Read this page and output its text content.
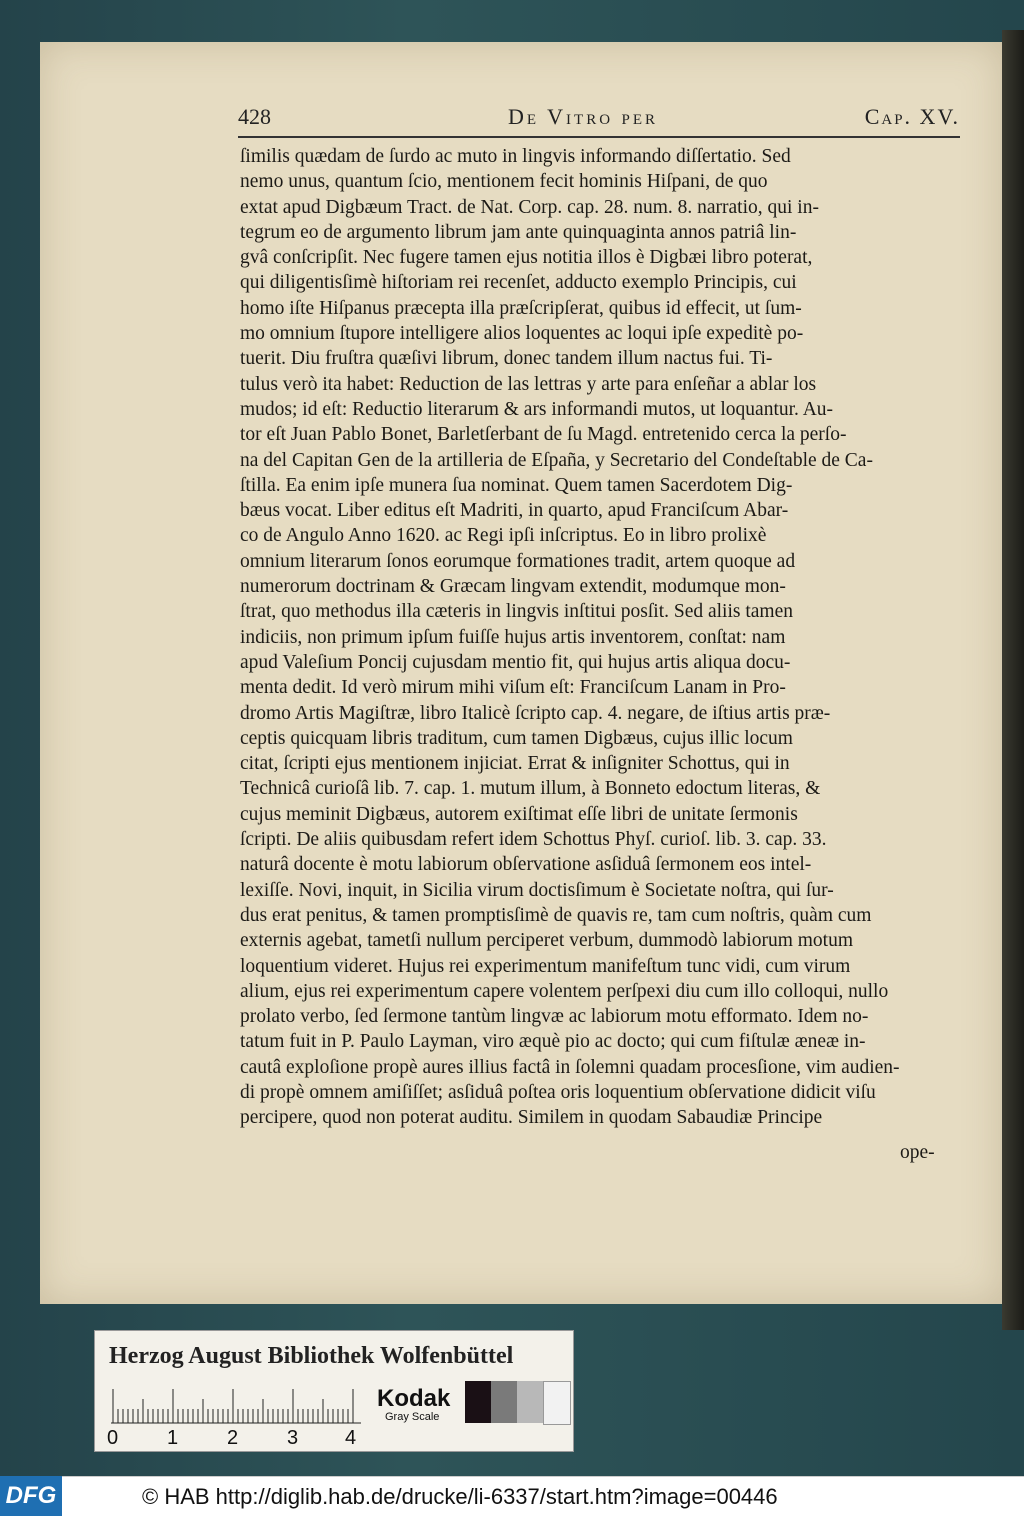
428	De Vitro per	Cap. XV.
ſimilis quædam de ſurdo ac muto in lingvis informando diſſertatio. Sed
nemo unus, quantum ſcio, mentionem fecit hominis Hiſpani, de quo
extat apud Digbæum Tract. de Nat. Corp. cap. 28. num. 8. narratio, qui in-
tegrum eo de argumento librum jam ante quinquaginta annos patriâ lin-
gvâ conſcripſit. Nec fugere tamen ejus notitia illos è Digbæi libro poterat,
qui diligentisſimè hiſtoriam rei recenſet, adducto exemplo Principis, cui
homo iſte Hiſpanus præcepta illa præſcripſerat, quibus id effecit, ut ſum-
mo omnium ſtupore intelligere alios loquentes ac loqui ipſe expeditè po-
tuerit. Diu fruſtra quæſivi librum, donec tandem illum nactus fui. Ti-
tulus verò ita habet: Reduction de las lettras y arte para enſeñar a ablar los
mudos; id eſt: Reductio literarum & ars informandi mutos, ut loquantur. Au-
tor eſt Juan Pablo Bonet, Barletſerbant de ſu Magd. entretenido cerca la perſo-
na del Capitan Gen de la artilleria de Eſpaña, y Secretario del Condeſtable de Ca-
ſtilla. Ea enim ipſe munera ſua nominat. Quem tamen Sacerdotem Dig-
bæus vocat. Liber editus eſt Madriti, in quarto, apud Franciſcum Abar-
co de Angulo Anno 1620. ac Regi ipſi inſcriptus. Eo in libro prolixè
omnium literarum ſonos eorumque formationes tradit, artem quoque ad
numerorum doctrinam & Græcam lingvam extendit, modumque mon-
ſtrat, quo methodus illa cæteris in lingvis inſtitui posſit. Sed aliis tamen
indiciis, non primum ipſum fuiſſe hujus artis inventorem, conſtat: nam
apud Valeſium Poncij cujusdam mentio fit, qui hujus artis aliqua docu-
menta dedit. Id verò mirum mihi viſum eſt: Franciſcum Lanam in Pro-
dromo Artis Magiſtræ, libro Italicè ſcripto cap. 4. negare, de iſtius artis præ-
ceptis quicquam libris traditum, cum tamen Digbæus, cujus illic locum
citat, ſcripti ejus mentionem injiciat. Errat & inſigniter Schottus, qui in
Technicâ curioſâ lib. 7. cap. 1. mutum illum, à Bonneto edoctum literas, &
cujus meminit Digbæus, autorem exiſtimat eſſe libri de unitate ſermonis
ſcripti. De aliis quibusdam refert idem Schottus Phyſ. curioſ. lib. 3. cap. 33.
naturâ docente è motu labiorum obſervatione asſiduâ ſermonem eos intel-
lexiſſe. Novi, inquit, in Sicilia virum doctisſimum è Societate noſtra, qui ſur-
dus erat penitus, & tamen promptisſimè de quavis re, tam cum noſtris, quàm cum
externis agebat, tametſi nullum perciperet verbum, dummodò labiorum motum
loquentium videret. Hujus rei experimentum manifeſtum tunc vidi, cum virum
alium, ejus rei experimentum capere volentem perſpexi diu cum illo colloqui, nullo
prolato verbo, ſed ſermone tantùm lingvæ ac labiorum motu efformato. Idem no-
tatum fuit in P. Paulo Layman, viro æquè pio ac docto; qui cum fiſtulæ æneæ in-
cautâ exploſione propè aures illius factâ in ſolemni quadam procesſione, vim audien-
di propè omnem amiſiſſet; asſiduâ poſtea oris loquentium obſervatione didicit viſu
percipere, quod non poterat auditu. Similem in quodam Sabaudiæ Principe
ope-
Herzog August Bibliothek Wolfenbüttel
0 1 2 3 4
Kodak
Gray Scale
DFG	© HAB http://diglib.hab.de/drucke/li-6337/start.htm?image=00446
